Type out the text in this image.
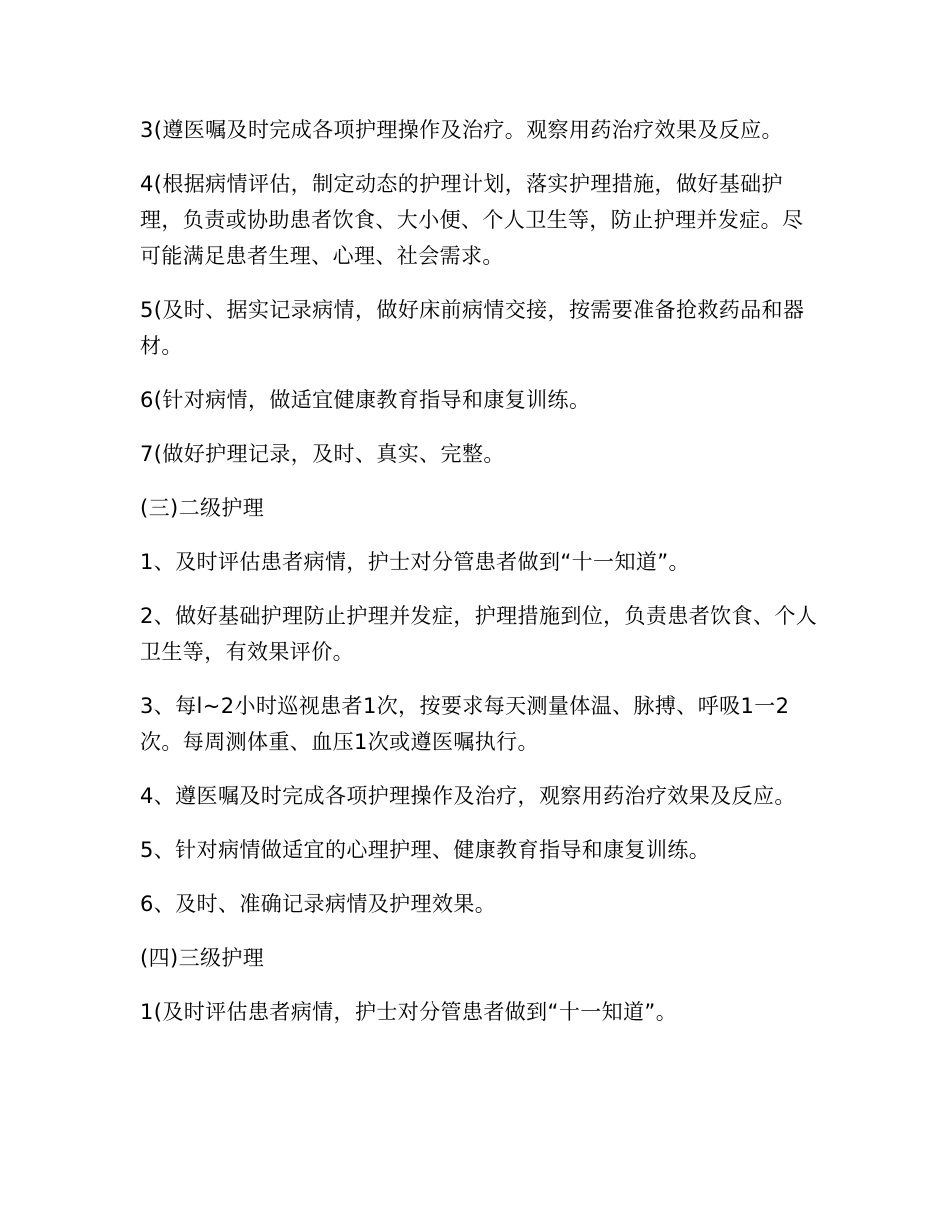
3(遵医嘱及时完成各项护理操作及治疗。观察用药治疗效果及反应。

4(根据病情评估，制定动态的护理计划，落实护理措施，做好基础护理，负责或协助患者饮食、大小便、个人卫生等，防止护理并发症。尽可能满足患者生理、心理、社会需求。

5(及时、据实记录病情，做好床前病情交接，按需要准备抢救药品和器材。

6(针对病情，做适宜健康教育指导和康复训练。

7(做好护理记录，及时、真实、完整。

(三)二级护理

1、及时评估患者病情，护士对分管患者做到“十一知道”。

2、做好基础护理防止护理并发症，护理措施到位，负责患者饮食、个人卫生等，有效果评价。

3、每l~2小时巡视患者1次，按要求每天测量体温、脉搏、呼吸1一2次。每周测体重、血压1次或遵医嘱执行。

4、遵医嘱及时完成各项护理操作及治疗，观察用药治疗效果及反应。

5、针对病情做适宜的心理护理、健康教育指导和康复训练。

6、及时、准确记录病情及护理效果。

(四)三级护理

1(及时评估患者病情，护士对分管患者做到“十一知道”。
